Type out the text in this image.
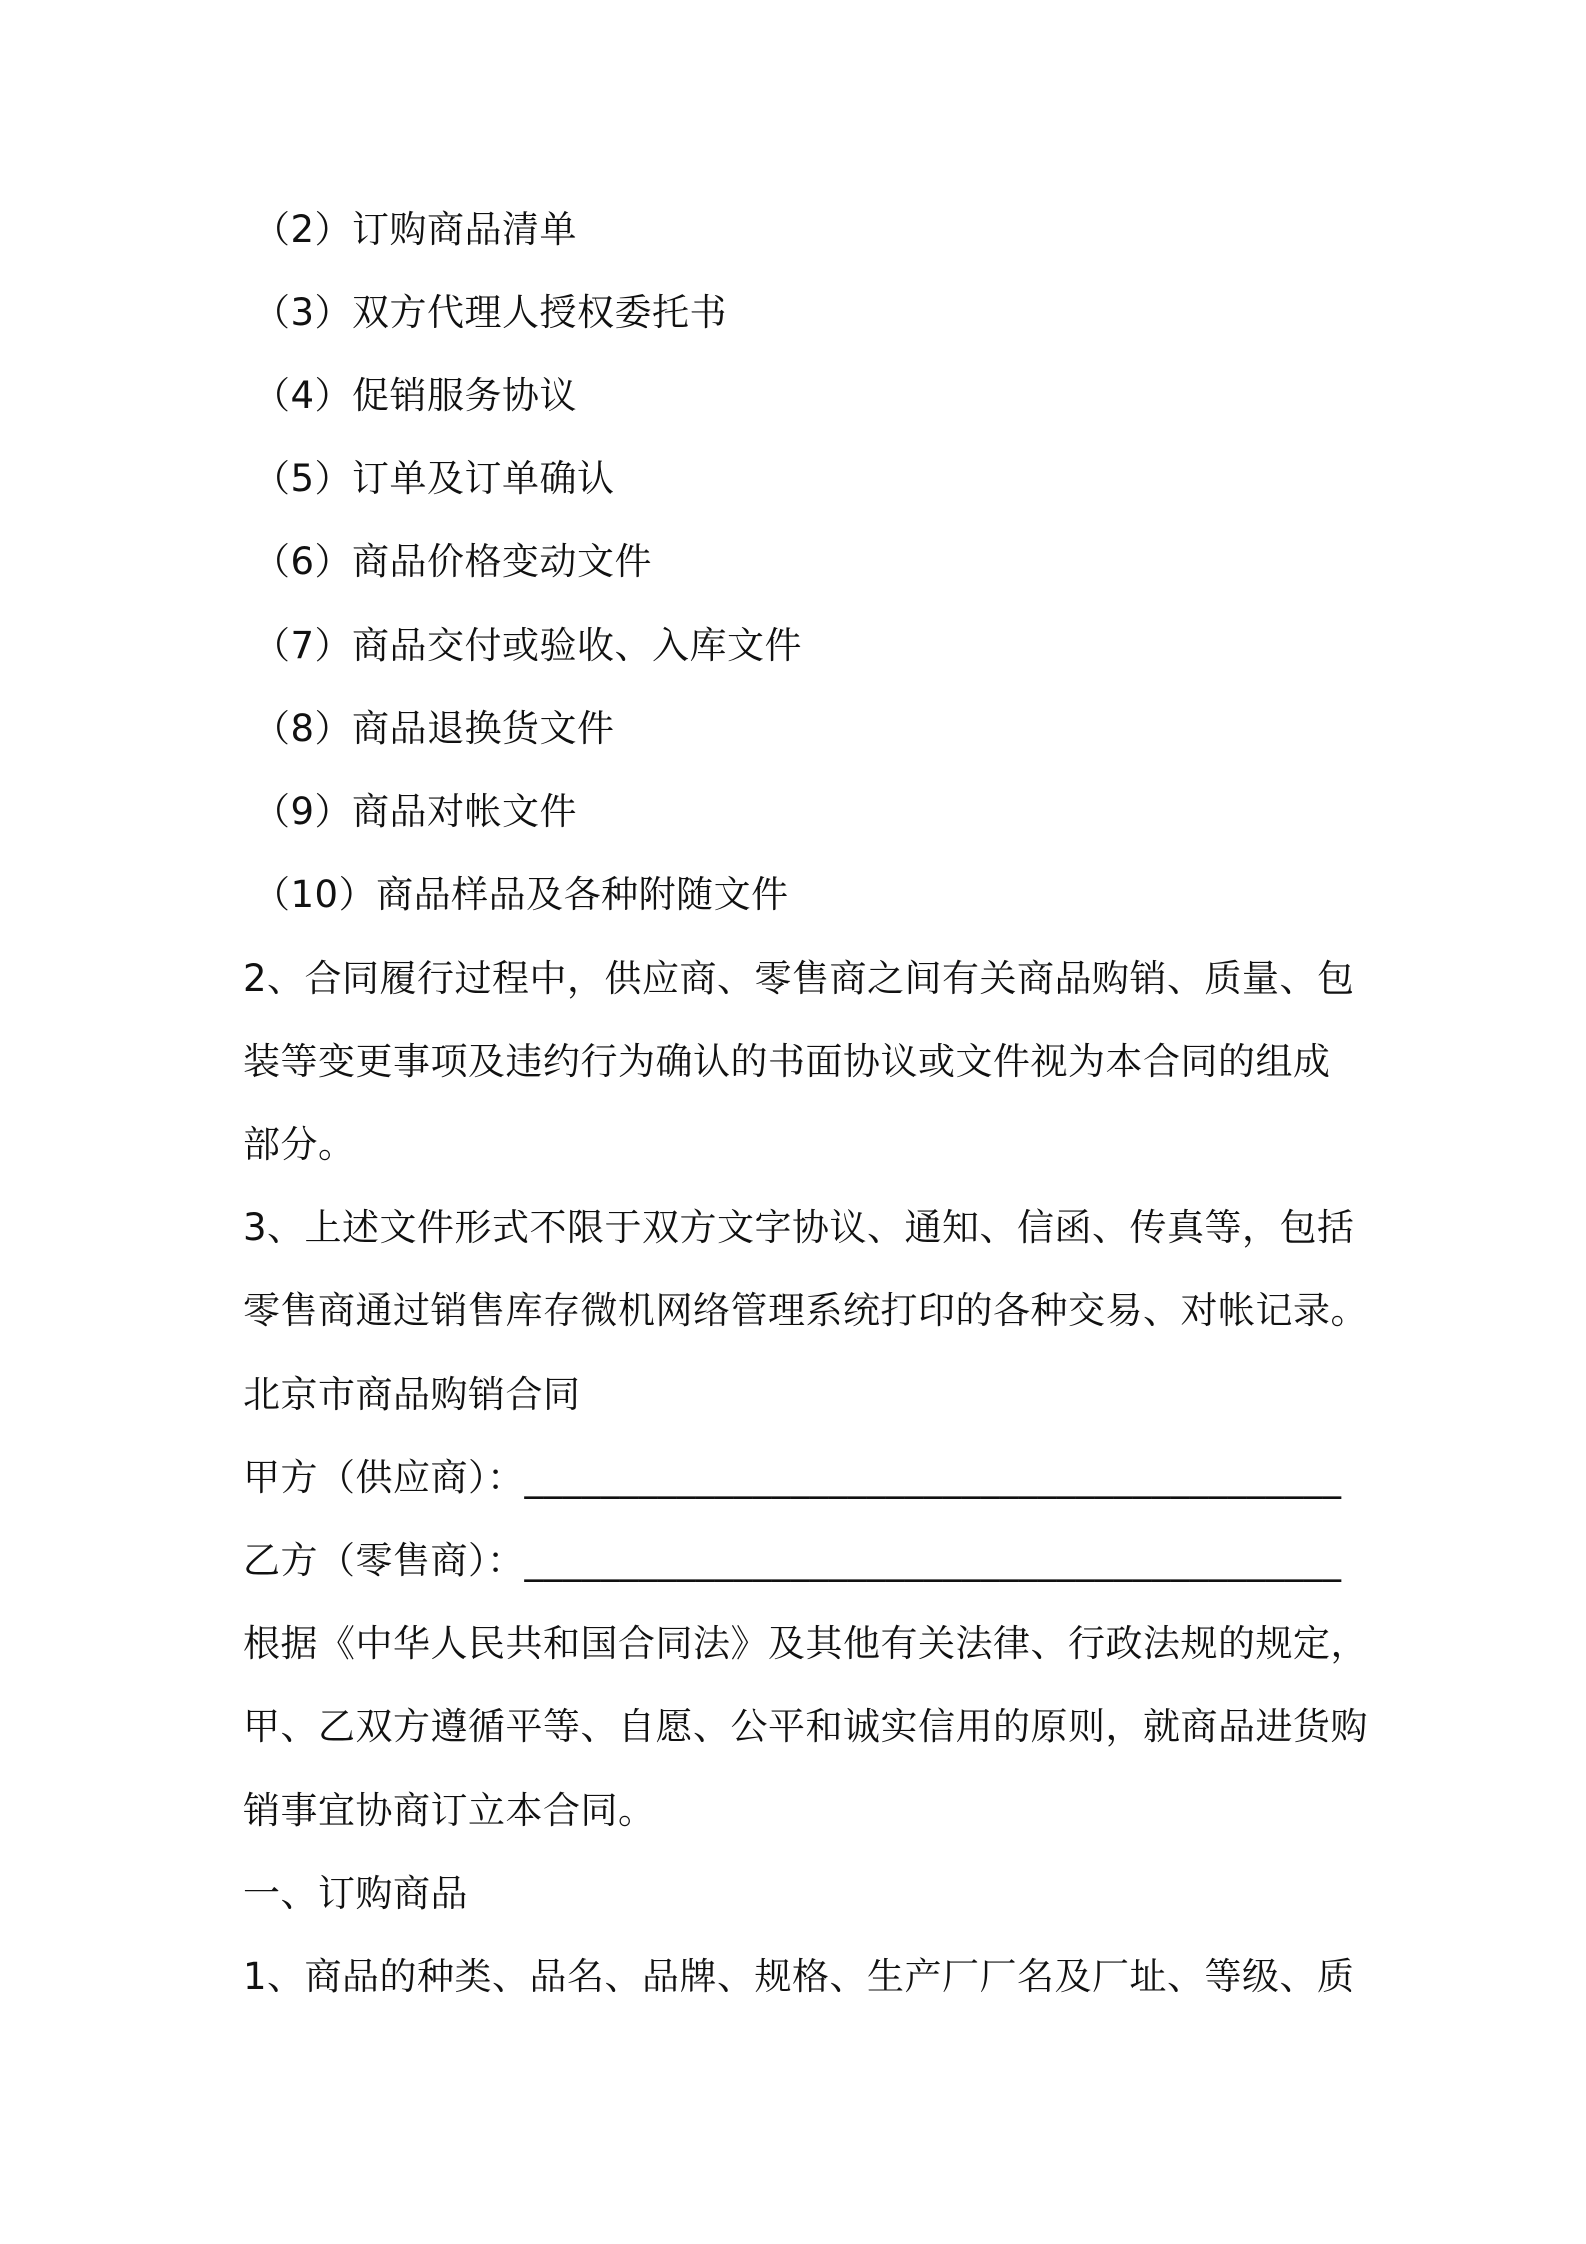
（2）订购商品清单
（3）双方代理人授权委托书
（4）促销服务协议
（5）订单及订单确认
（6）商品价格变动文件
（7）商品交付或验收、入库文件
（8）商品退换货文件
（9）商品对帐文件
（10）商品样品及各种附随文件
2、合同履行过程中，供应商、零售商之间有关商品购销、质量、包
装等变更事项及违约行为确认的书面协议或文件视为本合同的组成
部分。
3、上述文件形式不限于双方文字协议、通知、信函、传真等，包括
零售商通过销售库存微机网络管理系统打印的各种交易、对帐记录。
北京市商品购销合同
甲方（供应商）：___________________________________________
乙方（零售商）：___________________________________________
根据《中华人民共和国合同法》及其他有关法律、行政法规的规定，
甲、乙双方遵循平等、自愿、公平和诚实信用的原则，就商品进货购
销事宜协商订立本合同。
一、订购商品
1、商品的种类、品名、品牌、规格、生产厂厂名及厂址、等级、质
